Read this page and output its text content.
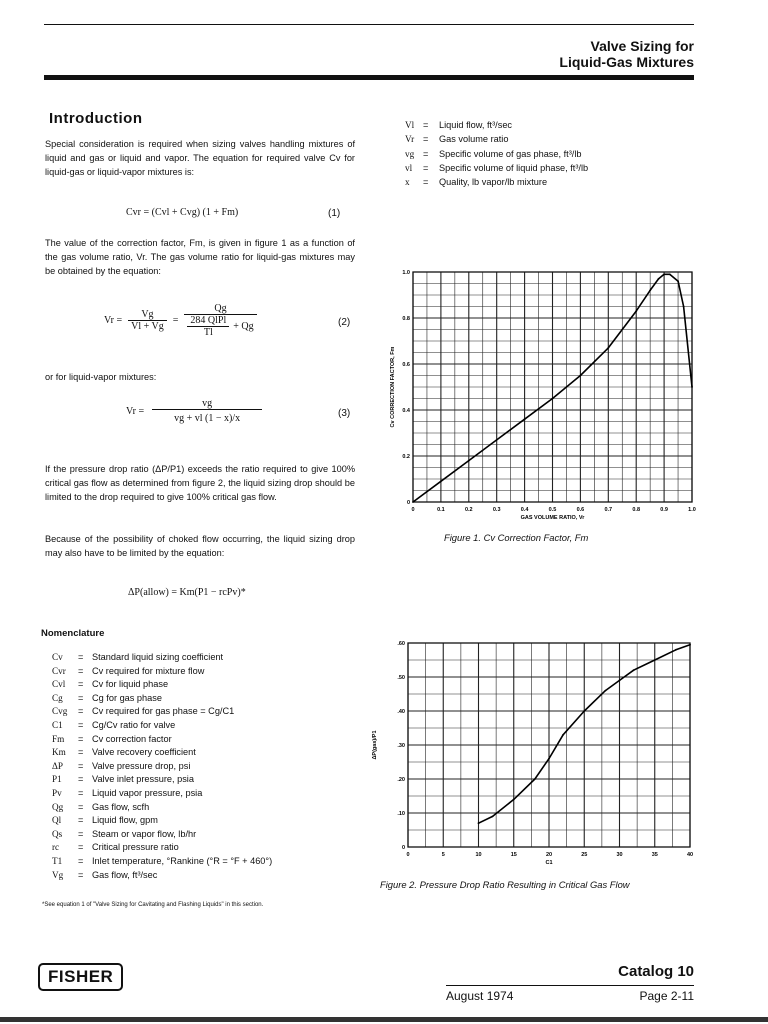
Valve Sizing for
Liquid-Gas Mixtures
Introduction

Special consideration is required when sizing valves handling mixtures of liquid and gas or liquid and vapor. The equation for required valve Cv for liquid-gas or liquid-vapor mixtures is:

Cvr = (Cvl + Cvg) (1 + Fm)	(1)

The value of the correction factor, Fm, is given in figure 1 as a function of the gas volume ratio, Vr. The gas volume ratio for liquid-gas mixtures may be obtained by the equation:

$Vr = \frac{Vg}{Vl + Vg} = \frac{Qg}{\frac{\text{284 QlPl}}{Tl} + Qg}$	(2)

or for liquid-vapor mixtures:

$Vr = \frac{vg}{vg + vl (1 - x)/x}$	(3)

If the pressure drop ratio (ΔP/P1) exceeds the ratio required to give 100% critical gas flow as determined from figure 2, the liquid sizing drop should be limited to the drop required to give 100% critical gas flow.

Because of the possibility of choked flow occurring, the liquid sizing drop may also have to be limited by the equation:

ΔP(allow) = Km(P1 − rcPv)*
Nomenclature
Cv	= Standard liquid sizing coefficient
Cvr	= Cv required for mixture flow
Cvl	= Cv for liquid phase
Cg	= Cg for gas phase
Cvg	= Cv required for gas phase = Cg/C1
C1	= Cg/Cv ratio for valve
Fm	= Cv correction factor
Km	= Valve recovery coefficient
ΔP	= Valve pressure drop, psi
P1	= Valve inlet pressure, psia
Pv	= Liquid vapor pressure, psia
Qg	= Gas flow, scfh
Ql	= Liquid flow, gpm
Qs	= Steam or vapor flow, lb/hr
rc	= Critical pressure ratio
T1	= Inlet temperature, °Rankine (°R = °F + 460°)
Vg	= Gas flow, ft³/sec
*See equation 1 of "Valve Sizing for Cavitating and Flashing Liquids" in this section.
Vl =	Liquid flow, ft³/sec
Vr =	Gas volume ratio
vg =	Specific volume of gas phase, ft³/lb
vl	=	Specific volume of liquid phase, ft³/lb
x	=	Quality, lb vapor/lb mixture
0	0.1	0.2	0.3	0.4	0.5	0.6	0.7	0.8	0.9	1.0
0
0.2
0.4
0.6
0.8
1.0
GAS VOLUME RATIO, Vr
Cv CORRECTION FACTOR, Fm
Figure 1. Cv Correction Factor, Fm
0	5	10	15	20	25	30	35	40
0
.10
.20
.30
.40
.50
.60
C1
ΔP(gas)/P1
Figure 2. Pressure Drop Ratio Resulting in Critical Gas Flow
FISHER	Catalog 10
August 1974	Page 2-11
